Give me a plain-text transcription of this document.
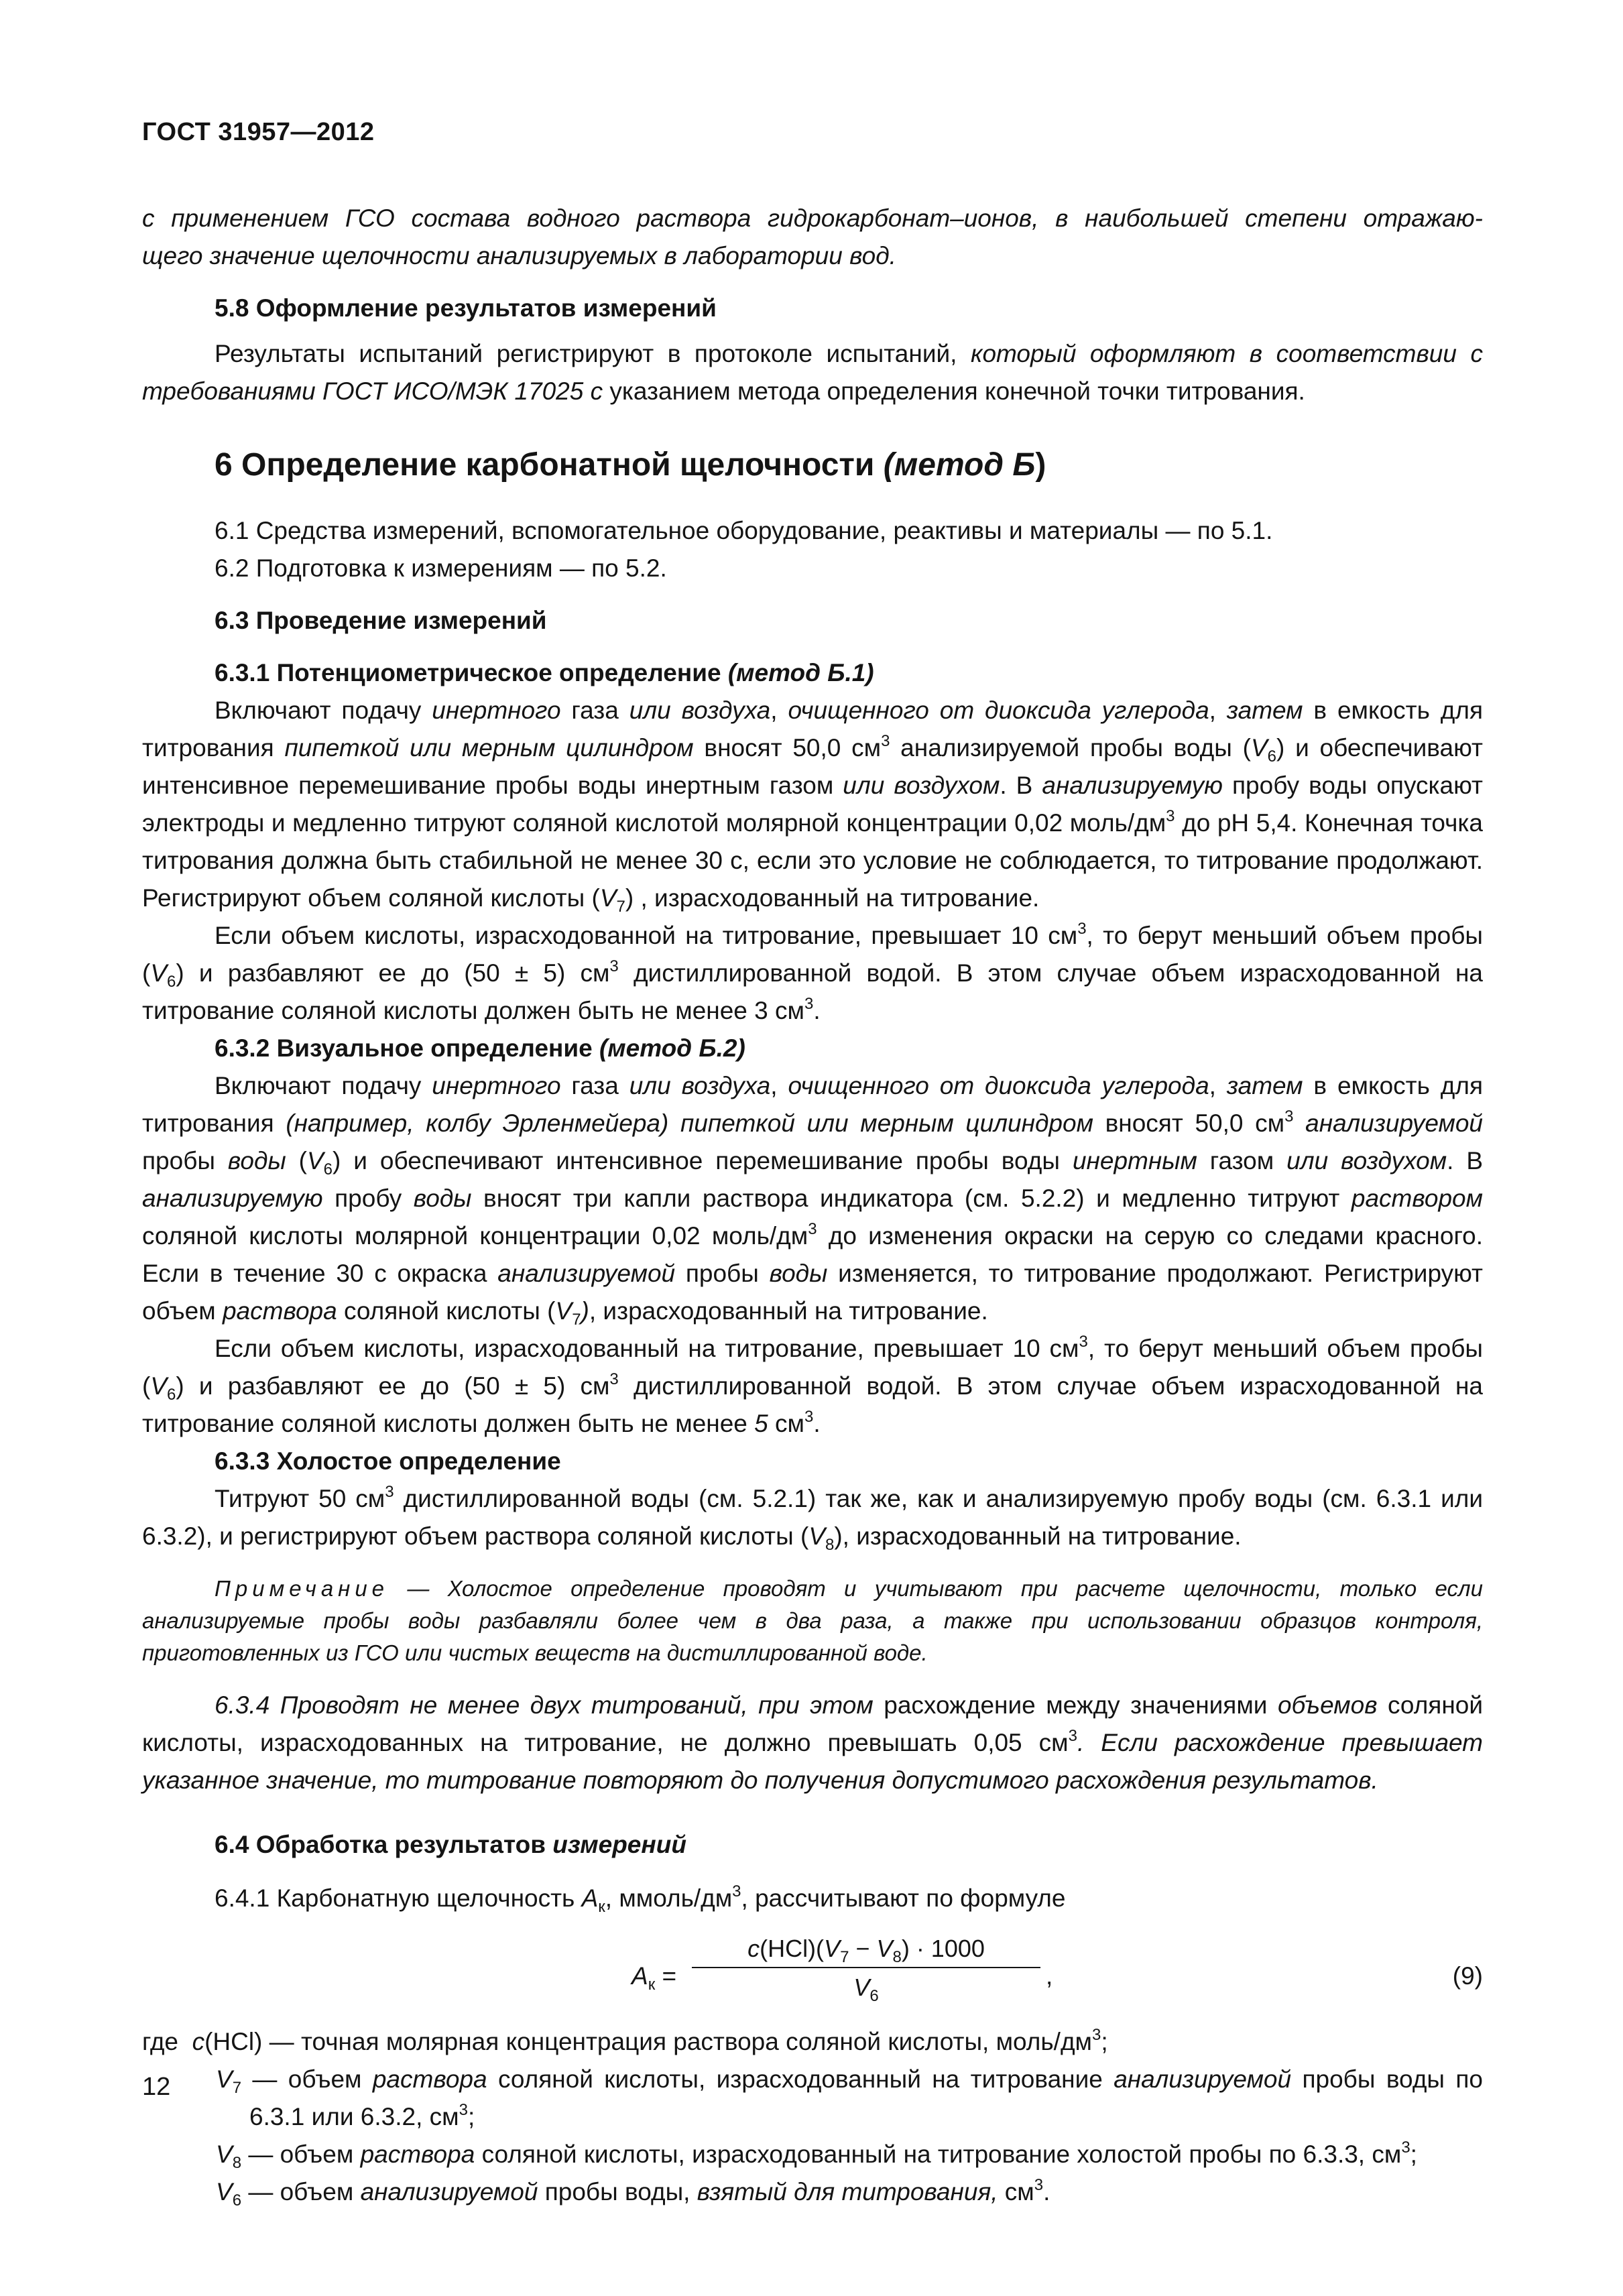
ГОСТ 31957—2012

с применением ГСО состава водного раствора гидрокарбонат–ионов, в наибольшей степени отражаю-

щего значение щелочности анализируемых в лаборатории вод.

5.8 Оформление результатов измерений

Результаты испытаний регистрируют в протоколе испытаний, который оформляют в соответствии с требованиями ГОСТ ИСО/МЭК 17025 с указанием метода определения конечной точки титрования.

6 Определение карбонатной щелочности (метод Б)

6.1 Средства измерений, вспомогательное оборудование, реактивы и материалы — по 5.1.

6.2 Подготовка к измерениям — по 5.2.

6.3 Проведение измерений

6.3.1 Потенциометрическое определение (метод Б.1)

Включают подачу инертного газа или воздуха, очищенного от диоксида углерода, затем в емкость для титрования пипеткой или мерным цилиндром вносят 50,0 $см^3$ анализируемой пробы воды $(V_6)$ и обеспечивают интенсивное перемешивание пробы воды инертным газом или воздухом. В анализируемую пробу воды опускают электроды и медленно титруют соляной кислотой молярной концентрации 0,02 моль/$дм^3$ до рН 5,4. Конечная точка титрования должна быть стабильной не менее 30 с, если это условие не соблюдается, то титрование продолжают. Регистрируют объем соляной кислоты $(V_7)$ , израсходованный на титрование.

Если объем кислоты, израсходованной на титрование, превышает 10 $см^3$, то берут меньший объем пробы $(V_6)$ и разбавляют ее до (50 ± 5) $см^3$ дистиллированной водой. В этом случае объем израсходованной на титрование соляной кислоты должен быть не менее 3 $см^3$.

6.3.2 Визуальное определение (метод Б.2)

Включают подачу инертного газа или воздуха, очищенного от диоксида углерода, затем в емкость для титрования (например, колбу Эрленмейера) пипеткой или мерным цилиндром вносят 50,0 $см^3$ анализируемой пробы воды $(V_6)$ и обеспечивают интенсивное перемешивание пробы воды инертным газом или воздухом. В анализируемую пробу воды вносят три капли раствора индикатора (см. 5.2.2) и медленно титруют раствором соляной кислоты молярной концентрации 0,02 моль/$дм^3$ до изменения окраски на серую со следами красного. Если в течение 30 с окраска анализируемой пробы воды изменяется, то титрование продолжают. Регистрируют объем раствора соляной кислоты $(V_7)$, израсходованный на титрование.

Если объем кислоты, израсходованный на титрование, превышает 10 $см^3$, то берут меньший объем пробы $(V_6)$ и разбавляют ее до (50 ± 5) $см^3$ дистиллированной водой. В этом случае объем израсходованной на титрование соляной кислоты должен быть не менее 5 $см^3$.

6.3.3 Холостое определение

Титруют 50 $см^3$ дистиллированной воды (см. 5.2.1) так же, как и анализируемую пробу воды (см. 6.3.1 или 6.3.2), и регистрируют объем раствора соляной кислоты $(V_8)$, израсходованный на титрование.

Примечание — Холостое определение проводят и учитывают при расчете щелочности, только если анализируемые пробы воды разбавляли более чем в два раза, а также при использовании образцов контроля, приготовленных из ГСО или чистых веществ на дистиллированной воде.

6.3.4 Проводят не менее двух титрований, при этом расхождение между значениями объемов соляной кислоты, израсходованных на титрование, не должно превышать 0,05 $см^3$. Если расхождение превышает указанное значение, то титрование повторяют до получения допустимого расхождения результатов.

6.4 Обработка результатов измерений

6.4.1 Карбонатную щелочность $A_к$, ммоль/$дм^3$, рассчитывают по формуле

$A_к$ =
$c(HCl)(V_7 - V_8) \cdot 1000$
$V_6$
,	(9)

где c(HCl) — точная молярная концентрация раствора соляной кислоты, моль/$дм^3$;

$V_7$ — объем раствора соляной кислоты, израсходованный на титрование анализируемой пробы воды по 6.3.1 или 6.3.2, $см^3$;

$V_8$ — объем раствора соляной кислоты, израсходованный на титрование холостой пробы по 6.3.3, $см^3$;

$V_6$ — объем анализируемой пробы воды, взятый для титрования, $см^3$.

12
